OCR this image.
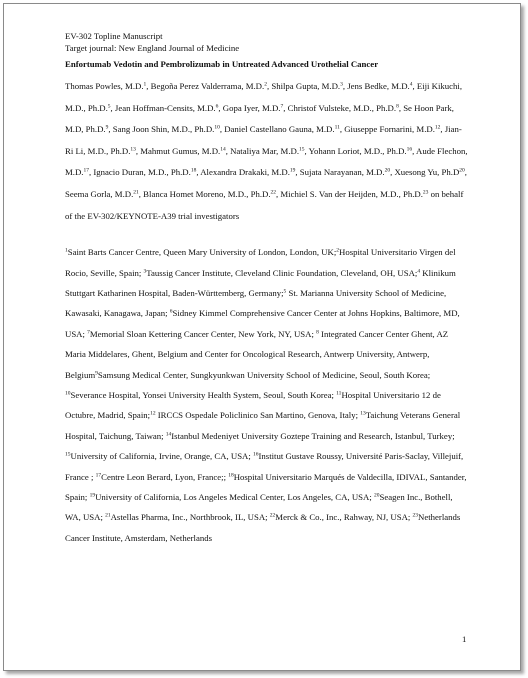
EV-302 Topline Manuscript

Target journal: New England Journal of Medicine

Enfortumab Vedotin and Pembrolizumab in Untreated Advanced Urothelial Cancer

Thomas Powles, M.D.$^1$, Begoña Perez Valderrama, M.D.$^2$, Shilpa Gupta, M.D.$^3$, Jens Bedke, M.D.$^4$, Eiji Kikuchi, M.D., Ph.D.$^5$, Jean Hoffman-Censits, M.D.$^6$, Gopa Iyer, M.D.$^7$, Christof Vulsteke, M.D., Ph.D.$^8$, Se Hoon Park, M.D, Ph.D.$^9$, Sang Joon Shin, M.D., Ph.D.$^{10}$, Daniel Castellano Gauna, M.D.$^{11}$, Giuseppe Fornarini, M.D.$^{12}$, Jian-Ri Li, M.D., Ph.D.$^{13}$, Mahmut Gumus, M.D.$^{14}$, Nataliya Mar, M.D.$^{15}$, Yohann Loriot, M.D., Ph.D.$^{16}$, Aude Flechon, M.D.$^{17}$, Ignacio Duran, M.D., Ph.D.$^{18}$, Alexandra Drakaki, M.D.$^{19}$, Sujata Narayanan, M.D.$^{20}$, Xuesong Yu, $Ph.D^{20}$, Seema Gorla, M.D.$^{21}$, Blanca Homet Moreno, M.D., Ph.D.$^{22}$, Michiel S. Van der Heijden, M.D., Ph.D.$^{23}$ on behalf of the EV-302/KEYNOTE-A39 trial investigators

$^1$Saint Barts Cancer Centre, Queen Mary University of London, London, UK;$^2$Hospital Universitario Virgen del Rocio, Seville, Spain; $^3$Taussig Cancer Institute, Cleveland Clinic Foundation, Cleveland, OH, USA;$^4$ Klinikum Stuttgart Katharinen Hospital, Baden-Württemberg, Germany;$^5$ St. Marianna University School of Medicine, Kawasaki, Kanagawa, Japan; $^6$Sidney Kimmel Comprehensive Cancer Center at Johns Hopkins, Baltimore, MD, USA; $^7$Memorial Sloan Kettering Cancer Center, New York, NY, USA; $^8$ Integrated Cancer Center Ghent, AZ Maria Middelares, Ghent, Belgium and Center for Oncological Research, Antwerp University, Antwerp, Belgium$^9$Samsung Medical Center, Sungkyunkwan University School of Medicine, Seoul, South Korea; $^{10}$Severance Hospital, Yonsei University Health System, Seoul, South Korea; $^{11}$Hospital Universitario 12 de Octubre, Madrid, Spain;$^{12}$ IRCCS Ospedale Policlinico San Martino, Genova, Italy; $^{13}$Taichung Veterans General Hospital, Taichung, Taiwan; $^{14}$Istanbul Medeniyet University Goztepe Training and Research, Istanbul, Turkey; $^{15}$University of California, Irvine, Orange, CA, USA; $^{16}$Institut Gustave Roussy, Université Paris-Saclay, Villejuif, France ; $^{17}$Centre Leon Berard, Lyon, France;; $^{18}$Hospital Universitario Marqués de Valdecilla, IDIVAL, Santander, Spain; $^{19}$University of California, Los Angeles Medical Center, Los Angeles, CA, USA; $^{20}$Seagen Inc., Bothell, WA, USA; $^{21}$Astellas Pharma, Inc., Northbrook, IL, USA; $^{22}$Merck & Co., Inc., Rahway, NJ, USA; $^{23}$Netherlands Cancer Institute, Amsterdam, Netherlands

1
